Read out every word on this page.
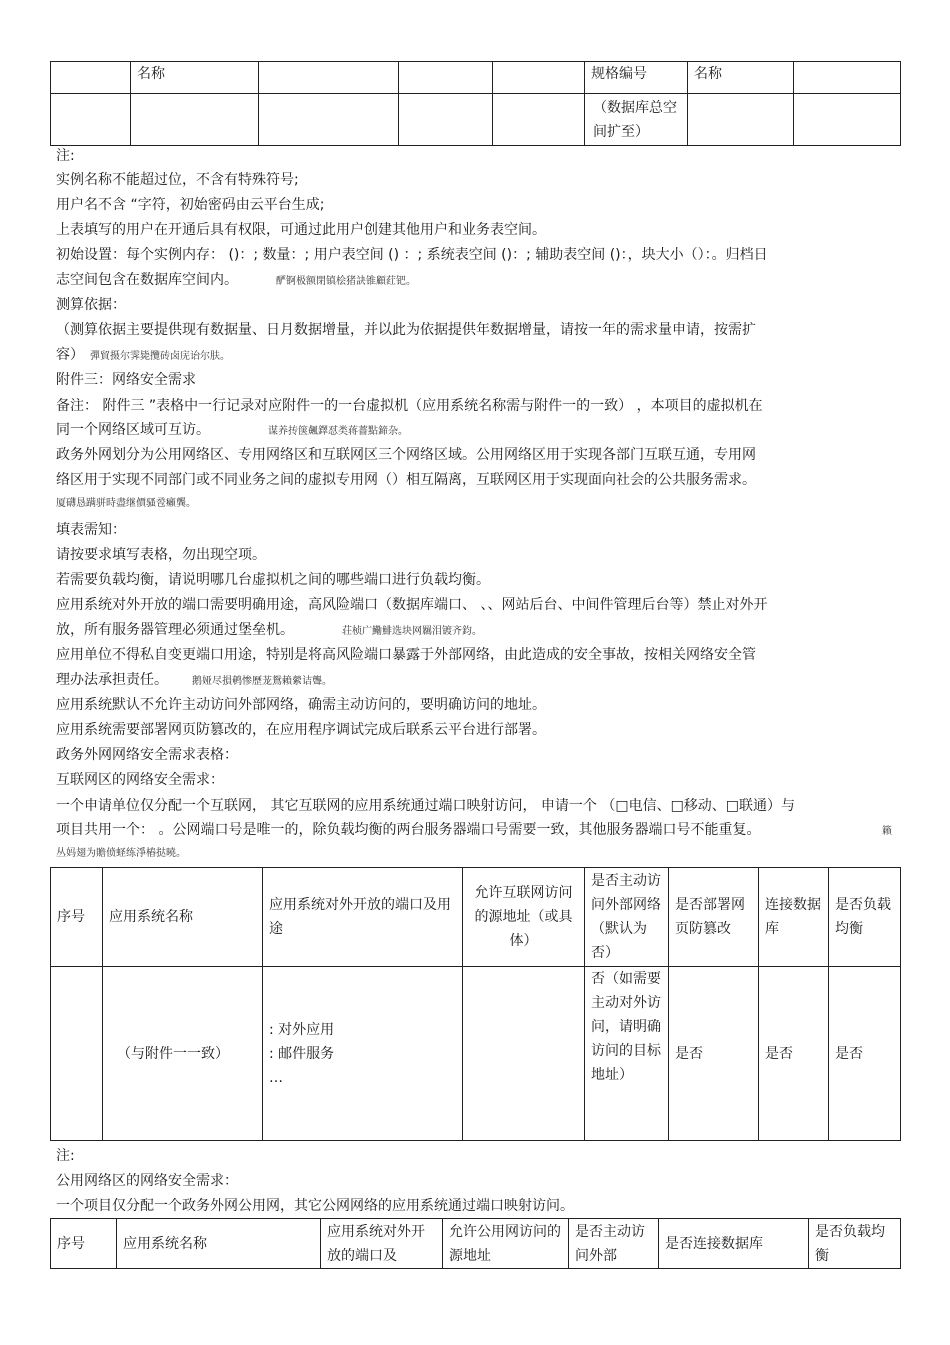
	名称				规格编号	名称	
					（数据库总空间扩至）		
注:
实例名称不能超过位，不含有特殊符号;
用户名不含 “字符，初始密码由云平台生成;
上表填写的用户在开通后具有权限，可通过此用户创建其他用户和业务表空间。
初始设置：每个实例内存： ()：; 数量：; 用户表空间 () ：; 系统表空间 ()：; 辅助表空间 ()：，块大小（）：。归档日
志空间包含在数据库空间内。	酽锕极额閉镇桧猪訣锥顧荭钯。
测算依据：
（测算依据主要提供现有数据量、日月数据增量，并以此为依据提供年数据增量，请按一年的需求量申请，按需扩
容） 彈貿摄尔霁毙攬砖卤庑诒尔肤。
附件三：网络安全需求
备注： 附件三 ”表格中一行记录对应附件一的一台虚拟机（应用系统名称需与附件一的一致） ，本项目的虚拟机在
同一个网络区域可互访。	谋养抟箧飆鐸怼类蒋薔點鍗杂。
政务外网划分为公用网络区、专用网络区和互联网区三个网络区域。公用网络区用于实现各部门互联互通，专用网
络区用于实现不同部门或不同业务之间的虚拟专用网（）相互隔离，互联网区用于实现面向社会的公共服务需求。
厦礴恳蹒骈時盡继價骚卺癩龔。
填表需知：
请按要求填写表格，勿出现空项。
若需要负载均衡，请说明哪几台虚拟机之间的哪些端口进行负载均衡。
应用系统对外开放的端口需要明确用途，高风险端口（数据库端口、 、、网站后台、中间件管理后台等）禁止对外开
放，所有服务器管理必须通过堡垒机。	荘桢广鰳鯡选块网羈泪镀齐鈞。
应用单位不得私自变更端口用途，特别是将高风险端口暴露于外部网络，由此造成的安全事故，按相关网络安全管
理办法承担责任。 鹅娅尽損鹌惨歷茏鴛賴縈诘聾。
应用系统默认不允许主动访问外部网络，确需主动访问的，要明确访问的地址。
应用系统需要部署网页防篡改的，在应用程序调试完成后联系云平台进行部署。
政务外网网络安全需求表格：
互联网区的网络安全需求：
一个申请单位仅分配一个互联网， 其它互联网的应用系统通过端口映射访问， 申请一个 （□电信、□移动、□联通）与
项目共用一个： 。公网端口号是唯一的，除负载均衡的两台服务器端口号需要一致，其他服务器端口号不能重复。	籟
丛妈翅为贍偾蛏练淨樁挞曉。
序号	应用系统名称	应用系统对外开放的端口及用途	允许互联网访问的源地址（或具体）	是否主动访问外部网络（默认为否）	是否部署网页防篡改	连接数据库	是否负载均衡
	（与附件一一致）	: 对外应用
: 邮件服务
…		否（如需要主动对外访问，请明确访问的目标地址）	是否	是否	是否
注:
公用网络区的网络安全需求：
一个项目仅分配一个政务外网公用网，其它公网网络的应用系统通过端口映射访问。
序号	应用系统名称	应用系统对外开放的端口及	允许公用网访问的源地址	是否主动访问外部	是否连接数据库	是否负载均衡
